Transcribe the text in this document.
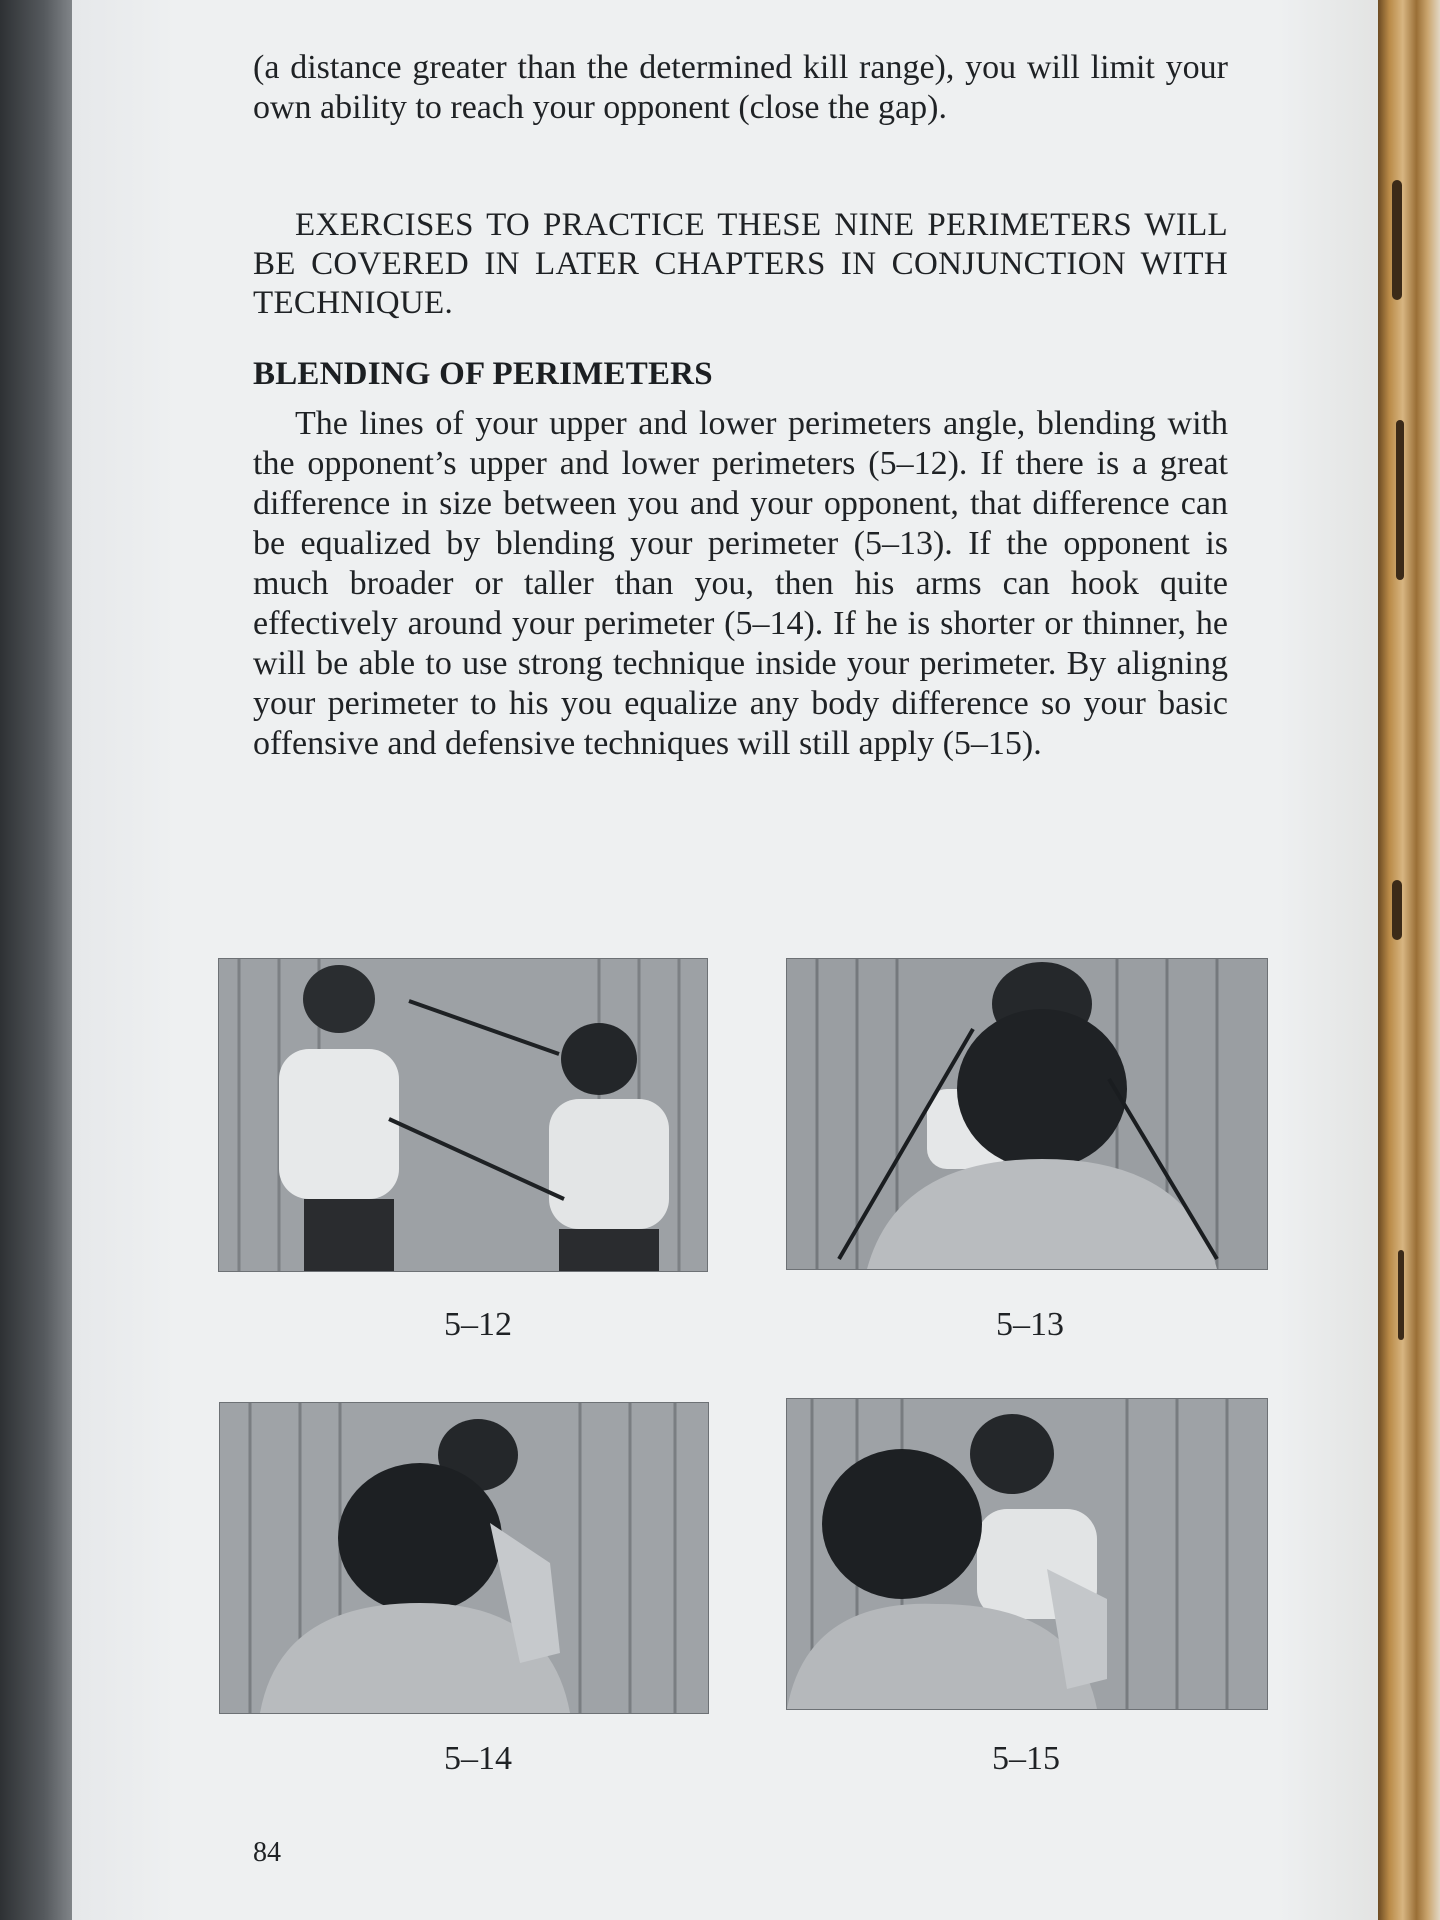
(a distance greater than the determined kill range), you will limit your own ability to reach your opponent (close the gap).

EXERCISES TO PRACTICE THESE NINE PERIMETERS WILL BE COVERED IN LATER CHAPTERS IN CONJUNCTION WITH TECHNIQUE.

BLENDING OF PERIMETERS

The lines of your upper and lower perimeters angle, blending with the opponent’s upper and lower perimeters (5–12). If there is a great difference in size between you and your opponent, that difference can be equalized by blending your perimeter (5–13). If the opponent is much broader or taller than you, then his arms can hook quite effectively around your perimeter (5–14). If he is shorter or thinner, he will be able to use strong technique inside your perimeter. By aligning your perimeter to his you equalize any body difference so your basic offensive and defensive techniques will still apply (5–15).

5–12	5–13
5–14	5–15
84
